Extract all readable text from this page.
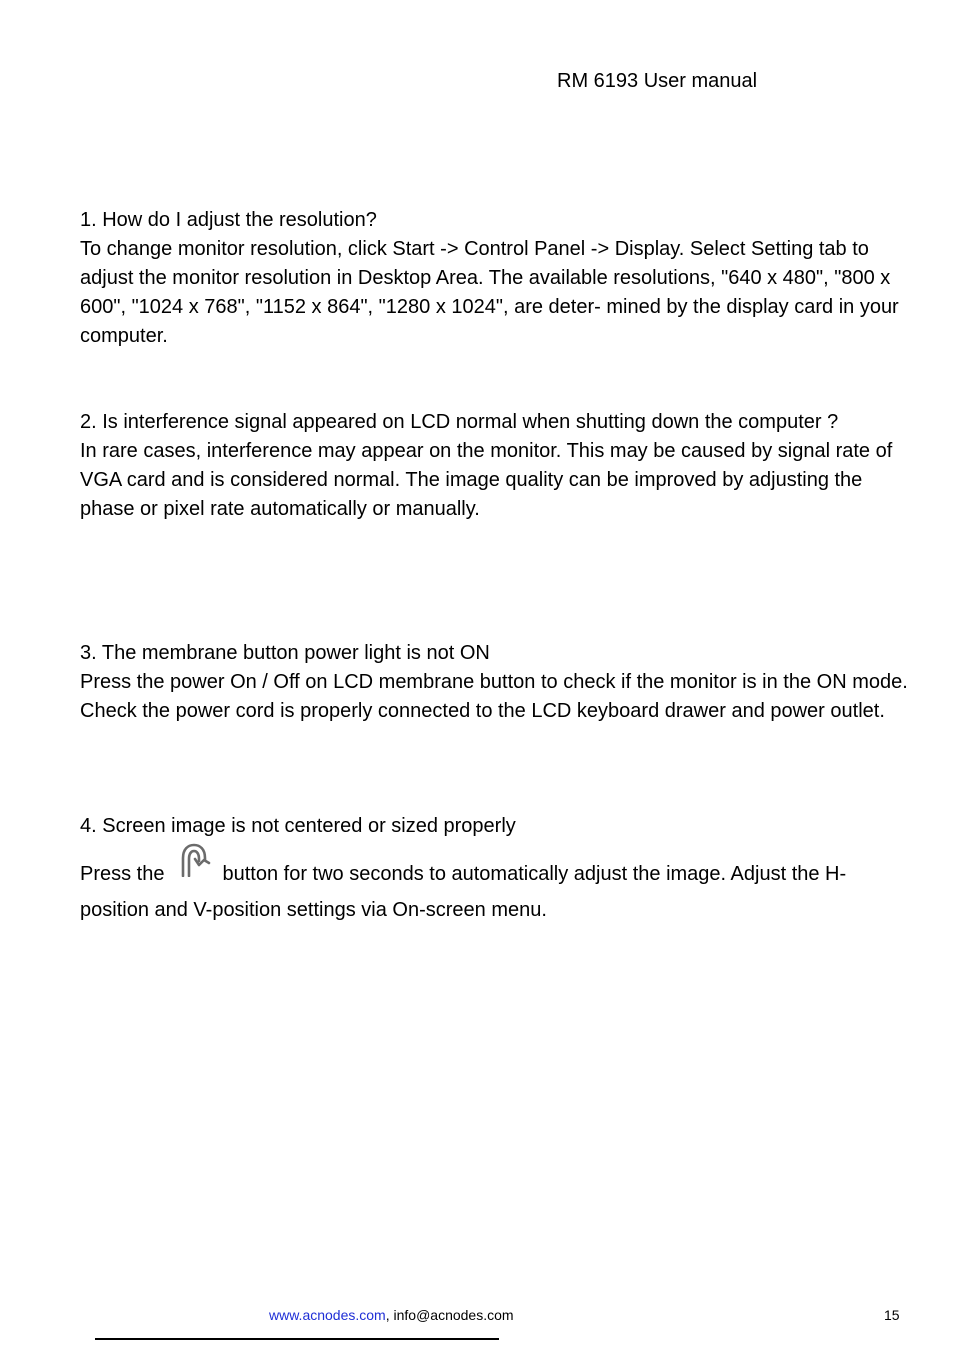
RM 6193 User manual

1. How do I adjust the resolution?

To change monitor resolution, click Start -> Control Panel -> Display. Select Setting tab to adjust the monitor resolution in Desktop Area. The available resolutions, "640 x 480", "800 x 600", "1024 x 768", "1152 x 864", "1280 x 1024", are deter- mined by the display card in your computer.

2. Is interference signal appeared on LCD normal when shutting down the computer ?

In rare cases, interference may appear on the monitor. This may be caused by signal rate of VGA card and is considered normal. The image quality can be improved by adjusting the phase or pixel rate automatically or manually.

3. The membrane button power light is not ON

Press the power On / Off on LCD membrane button to check if the monitor is in the ON mode. Check the power cord is properly connected to the LCD keyboard drawer and power outlet.

4. Screen image is not centered or sized properly

Press the	button for two seconds to automatically adjust the image. Adjust the H-position and V-position settings via On-screen menu.

www.acnodes.com, info@acnodes.com	15
